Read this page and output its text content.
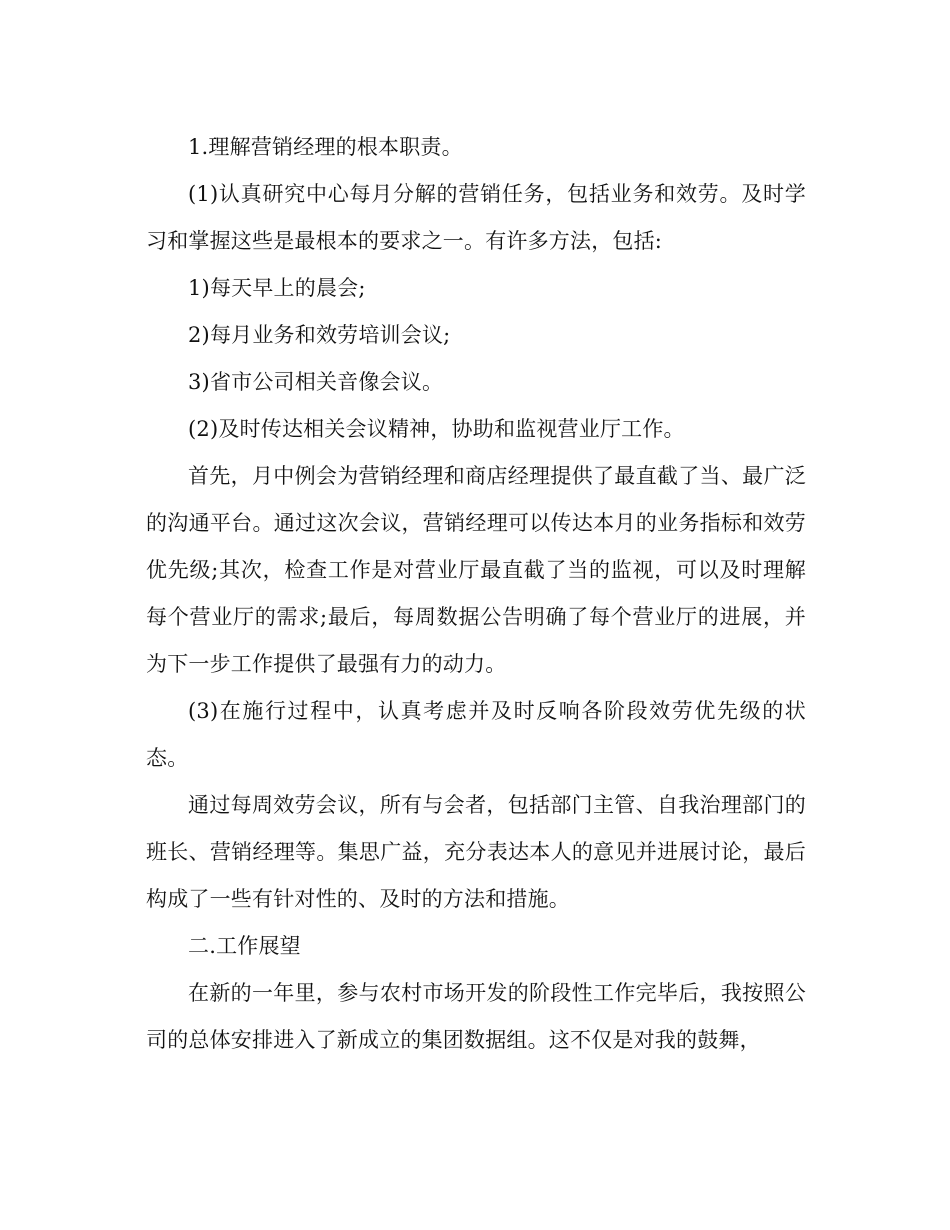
1.理解营销经理的根本职责。

(1)认真研究中心每月分解的营销任务，包括业务和效劳。及时学习和掌握这些是最根本的要求之一。有许多方法，包括:

1)每天早上的晨会;

2)每月业务和效劳培训会议;

3)省市公司相关音像会议。

(2)及时传达相关会议精神，协助和监视营业厅工作。

首先，月中例会为营销经理和商店经理提供了最直截了当、最广泛的沟通平台。通过这次会议，营销经理可以传达本月的业务指标和效劳优先级;其次，检查工作是对营业厅最直截了当的监视，可以及时理解每个营业厅的需求;最后，每周数据公告明确了每个营业厅的进展，并为下一步工作提供了最强有力的动力。

(3)在施行过程中，认真考虑并及时反响各阶段效劳优先级的状态。

通过每周效劳会议，所有与会者，包括部门主管、自我治理部门的班长、营销经理等。集思广益，充分表达本人的意见并进展讨论，最后构成了一些有针对性的、及时的方法和措施。

二.工作展望

在新的一年里，参与农村市场开发的阶段性工作完毕后，我按照公司的总体安排进入了新成立的集团数据组。这不仅是对我的鼓舞，
